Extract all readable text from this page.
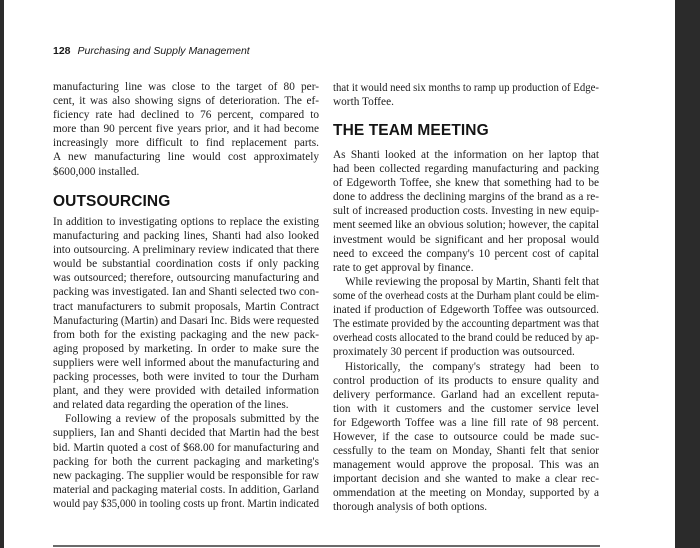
128 Purchasing and Supply Management
manufacturing line was close to the target of 80 per-
cent, it was also showing signs of deterioration. The ef-
ficiency rate had declined to 76 percent, compared to
more than 90 percent five years prior, and it had become
increasingly more difficult to find replacement parts.
A new manufacturing line would cost approximately
$600,000 installed.
OUTSOURCING
In addition to investigating options to replace the existing
manufacturing and packing lines, Shanti had also looked
into outsourcing. A preliminary review indicated that there
would be substantial coordination costs if only packing
was outsourced; therefore, outsourcing manufacturing and
packing was investigated. Ian and Shanti selected two con-
tract manufacturers to submit proposals, Martin Contract
Manufacturing (Martin) and Dasari Inc. Bids were requested
from both for the existing packaging and the new pack-
aging proposed by marketing. In order to make sure the
suppliers were well informed about the manufacturing and
packing processes, both were invited to tour the Durham
plant, and they were provided with detailed information
and related data regarding the operation of the lines.
Following a review of the proposals submitted by the
suppliers, Ian and Shanti decided that Martin had the best
bid. Martin quoted a cost of $68.00 for manufacturing and
packing for both the current packaging and marketing's
new packaging. The supplier would be responsible for raw
material and packaging material costs. In addition, Garland
would pay $35,000 in tooling costs up front. Martin indicated
that it would need six months to ramp up production of Edge-
worth Toffee.
THE TEAM MEETING
As Shanti looked at the information on her laptop that
had been collected regarding manufacturing and packing
of Edgeworth Toffee, she knew that something had to be
done to address the declining margins of the brand as a re-
sult of increased production costs. Investing in new equip-
ment seemed like an obvious solution; however, the capital
investment would be significant and her proposal would
need to exceed the company's 10 percent cost of capital
rate to get approval by finance.
While reviewing the proposal by Martin, Shanti felt that
some of the overhead costs at the Durham plant could be elim-
inated if production of Edgeworth Toffee was outsourced.
The estimate provided by the accounting department was that
overhead costs allocated to the brand could be reduced by ap-
proximately 30 percent if production was outsourced.
Historically, the company's strategy had been to
control production of its products to ensure quality and
delivery performance. Garland had an excellent reputa-
tion with it customers and the customer service level
for Edgeworth Toffee was a line fill rate of 98 percent.
However, if the case to outsource could be made suc-
cessfully to the team on Monday, Shanti felt that senior
management would approve the proposal. This was an
important decision and she wanted to make a clear rec-
ommendation at the meeting on Monday, supported by a
thorough analysis of both options.
